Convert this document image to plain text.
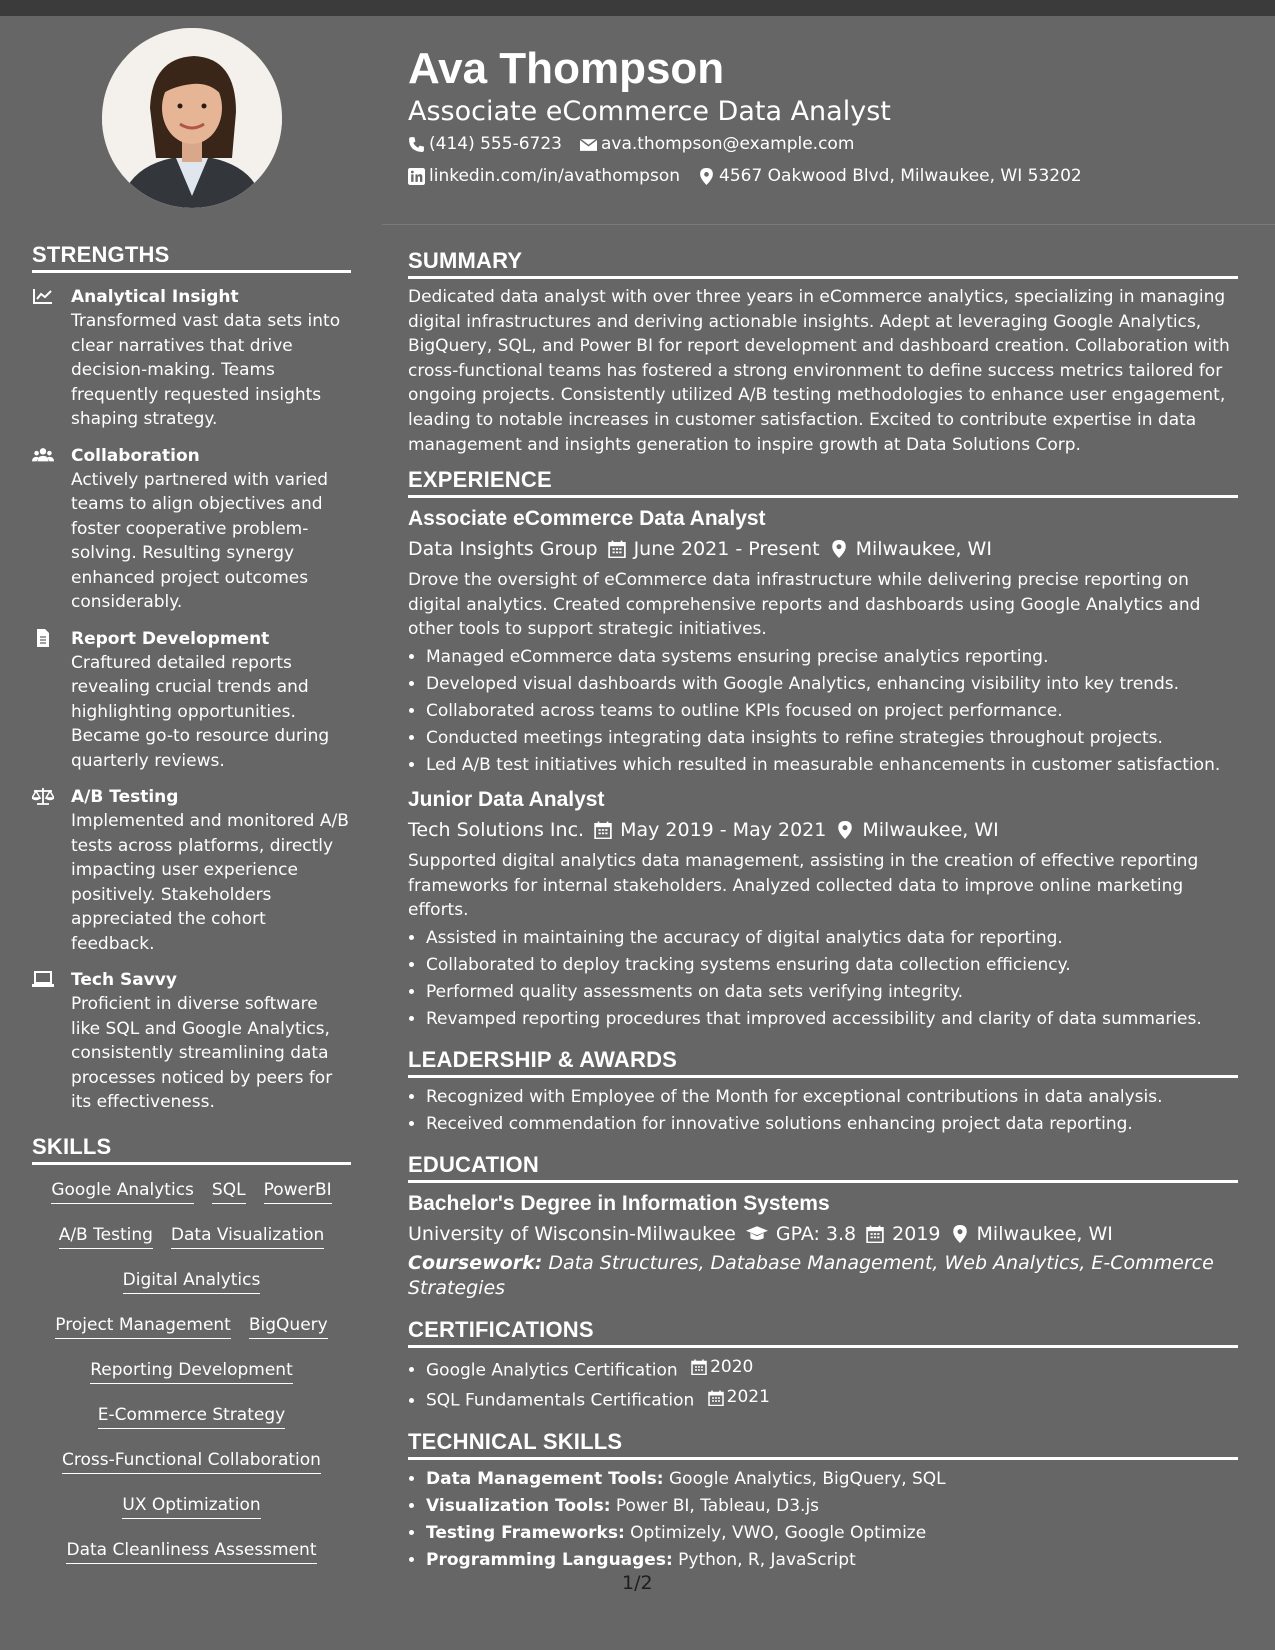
STRENGTHS
Analytical Insight
Transformed vast data sets into clear narratives that drive decision-making. Teams frequently requested insights shaping strategy.
Collaboration
Actively partnered with varied teams to align objectives and foster cooperative problem-solving. Resulting synergy enhanced project outcomes considerably.
Report Development
Craftured detailed reports revealing crucial trends and highlighting opportunities. Became go-to resource during quarterly reviews.
A/B Testing
Implemented and monitored A/B tests across platforms, directly impacting user experience positively. Stakeholders appreciated the cohort feedback.
Tech Savvy
Proficient in diverse software like SQL and Google Analytics, consistently streamlining data processes noticed by peers for its effectiveness.
SKILLS
Google Analytics SQL PowerBI
A/B Testing Data Visualization
Digital Analytics
Project Management BigQuery
Reporting Development
E-Commerce Strategy
Cross-Functional Collaboration
UX Optimization
Data Cleanliness Assessment
Ava Thompson
Associate eCommerce Data Analyst
(414) 555-6723 ava.thompson@example.com
linkedin.com/in/avathompson 4567 Oakwood Blvd, Milwaukee, WI 53202
SUMMARY

Dedicated data analyst with over three years in eCommerce analytics, specializing in managing digital infrastructures and deriving actionable insights. Adept at leveraging Google Analytics, BigQuery, SQL, and Power BI for report development and dashboard creation. Collaboration with cross-functional teams has fostered a strong environment to define success metrics tailored for ongoing projects. Consistently utilized A/B testing methodologies to enhance user engagement, leading to notable increases in customer satisfaction. Excited to contribute expertise in data management and insights generation to inspire growth at Data Solutions Corp.

EXPERIENCE
Associate eCommerce Data Analyst
Data Insights Group June 2021 - Present Milwaukee, WI

Drove the oversight of eCommerce data infrastructure while delivering precise reporting on digital analytics. Created comprehensive reports and dashboards using Google Analytics and other tools to support strategic initiatives.

• Managed eCommerce data systems ensuring precise analytics reporting.
• Developed visual dashboards with Google Analytics, enhancing visibility into key trends.
• Collaborated across teams to outline KPIs focused on project performance.
• Conducted meetings integrating data insights to refine strategies throughout projects.
• Led A/B test initiatives which resulted in measurable enhancements in customer satisfaction.
Junior Data Analyst
Tech Solutions Inc. May 2019 - May 2021 Milwaukee, WI

Supported digital analytics data management, assisting in the creation of effective reporting frameworks for internal stakeholders. Analyzed collected data to improve online marketing efforts.

• Assisted in maintaining the accuracy of digital analytics data for reporting.
• Collaborated to deploy tracking systems ensuring data collection efficiency.
• Performed quality assessments on data sets verifying integrity.
• Revamped reporting procedures that improved accessibility and clarity of data summaries.
LEADERSHIP & AWARDS
• Recognized with Employee of the Month for exceptional contributions in data analysis.
• Received commendation for innovative solutions enhancing project data reporting.
EDUCATION
Bachelor's Degree in Information Systems
University of Wisconsin-Milwaukee GPA: 3.8 2019 Milwaukee, WI
Coursework: Data Structures, Database Management, Web Analytics, E-Commerce Strategies
CERTIFICATIONS
• Google Analytics Certification 2020
• SQL Fundamentals Certification 2021
TECHNICAL SKILLS
• Data Management Tools: Google Analytics, BigQuery, SQL
• Visualization Tools: Power BI, Tableau, D3.js
• Testing Frameworks: Optimizely, VWO, Google Optimize
• Programming Languages: Python, R, JavaScript
1/2
